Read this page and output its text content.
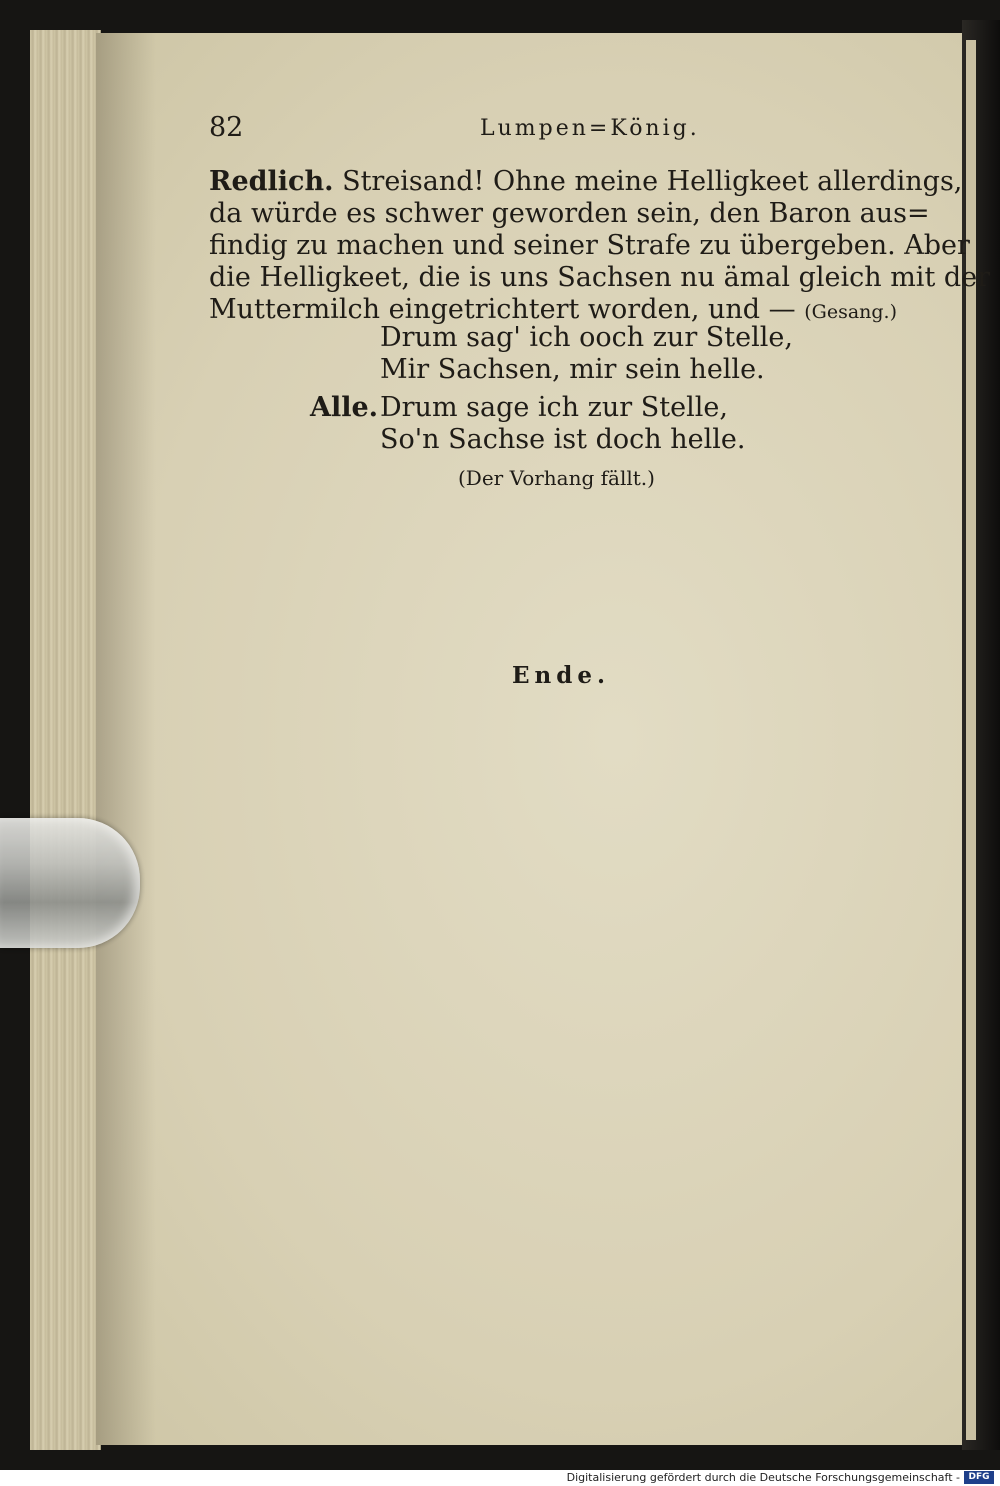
82	Lumpen=König.
Redlich. Streisand! Ohne meine Helligkeet allerdings,
da würde es schwer geworden sein, den Baron aus=
findig zu machen und seiner Strafe zu übergeben. Aber
die Helligkeet, die is uns Sachsen nu ämal gleich mit der
Muttermilch eingetrichtert worden, und — (Gesang.)
Drum sag' ich ooch zur Stelle,
Mir Sachsen, mir sein helle.
Alle. Drum sage ich zur Stelle,
So'n Sachse ist doch helle.
(Der Vorhang fällt.)
Ende.
Digitalisierung gefördert durch die Deutsche Forschungsgemeinschaft - DFG
